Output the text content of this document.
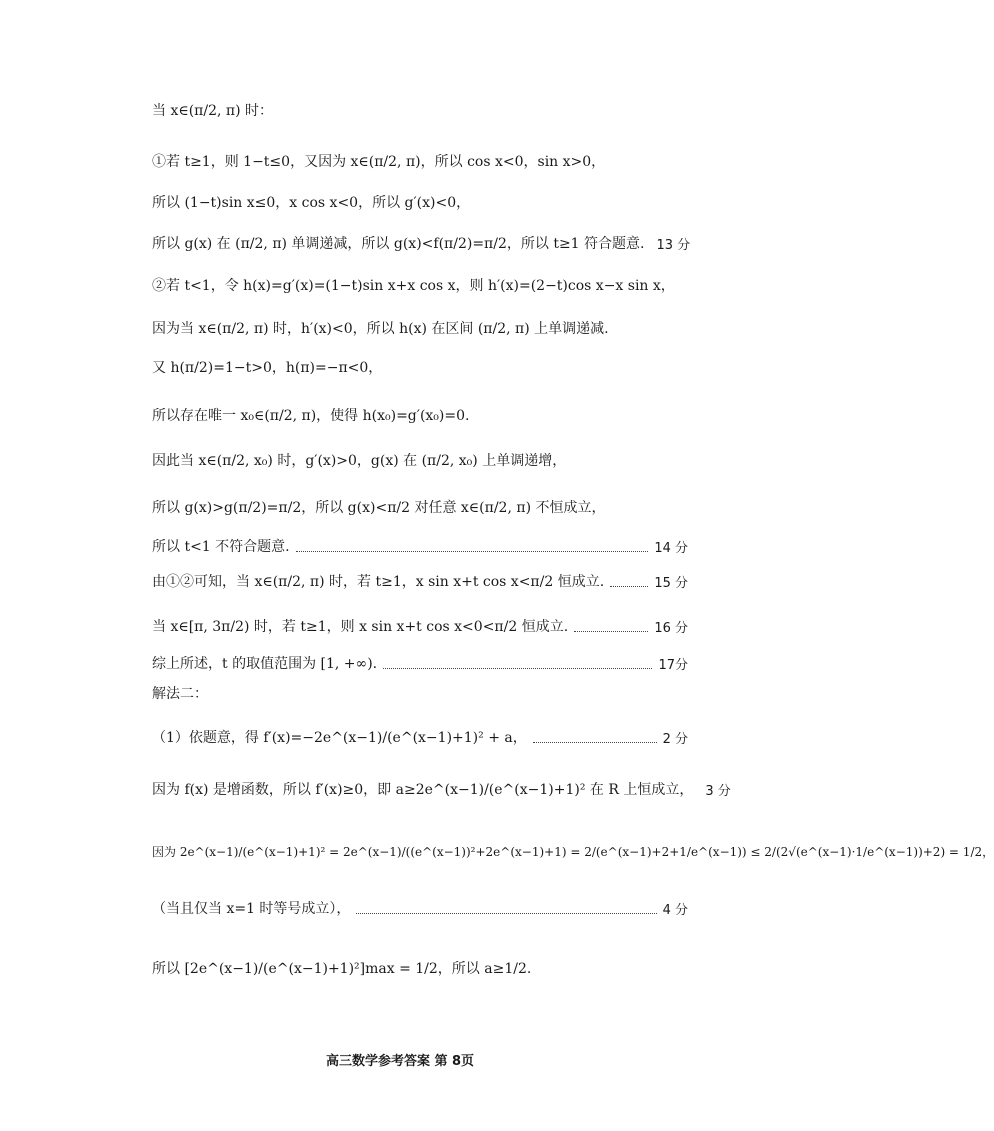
当 x∈(π/2, π) 时：
①若 t≥1，则 1−t≤0，又因为 x∈(π/2, π)，所以 cos x<0，sin x>0，
所以 (1−t)sin x≤0，x cos x<0，所以 g′(x)<0，
所以 g(x) 在 (π/2, π) 单调递减，所以 g(x)<f(π/2)=π/2，所以 t≥1 符合题意. 13 分
②若 t<1，令 h(x)=g′(x)=(1−t)sin x+x cos x，则 h′(x)=(2−t)cos x−x sin x，
因为当 x∈(π/2, π) 时，h′(x)<0，所以 h(x) 在区间 (π/2, π) 上单调递减.
又 h(π/2)=1−t>0，h(π)=−π<0，
所以存在唯一 x₀∈(π/2, π)，使得 h(x₀)=g′(x₀)=0.
因此当 x∈(π/2, x₀) 时，g′(x)>0，g(x) 在 (π/2, x₀) 上单调递增，
所以 g(x)>g(π/2)=π/2，所以 g(x)<π/2 对任意 x∈(π/2, π) 不恒成立，
所以 t<1 不符合题意.	14 分
由①②可知，当 x∈(π/2, π) 时，若 t≥1，x sin x+t cos x<π/2 恒成立.	15 分
当 x∈[π, 3π/2) 时，若 t≥1，则 x sin x+t cos x<0<π/2 恒成立.	16 分
综上所述，t 的取值范围为 [1, +∞).	17分
解法二：
（1）依题意，得 f′(x)=−2e^(x−1)/(e^(x−1)+1)² + a，	2 分
因为 f(x) 是增函数，所以 f′(x)≥0，即 a≥2e^(x−1)/(e^(x−1)+1)² 在 R 上恒成立， 3 分
因为 2e^(x−1)/(e^(x−1)+1)² = 2e^(x−1)/((e^(x−1))²+2e^(x−1)+1) = 2/(e^(x−1)+2+1/e^(x−1)) ≤ 2/(2√(e^(x−1)·1/e^(x−1))+2) = 1/2，
（当且仅当 x=1 时等号成立），	4 分
所以 [2e^(x−1)/(e^(x−1)+1)²]max = 1/2，所以 a≥1/2.
高三数学参考答案 第 8页
